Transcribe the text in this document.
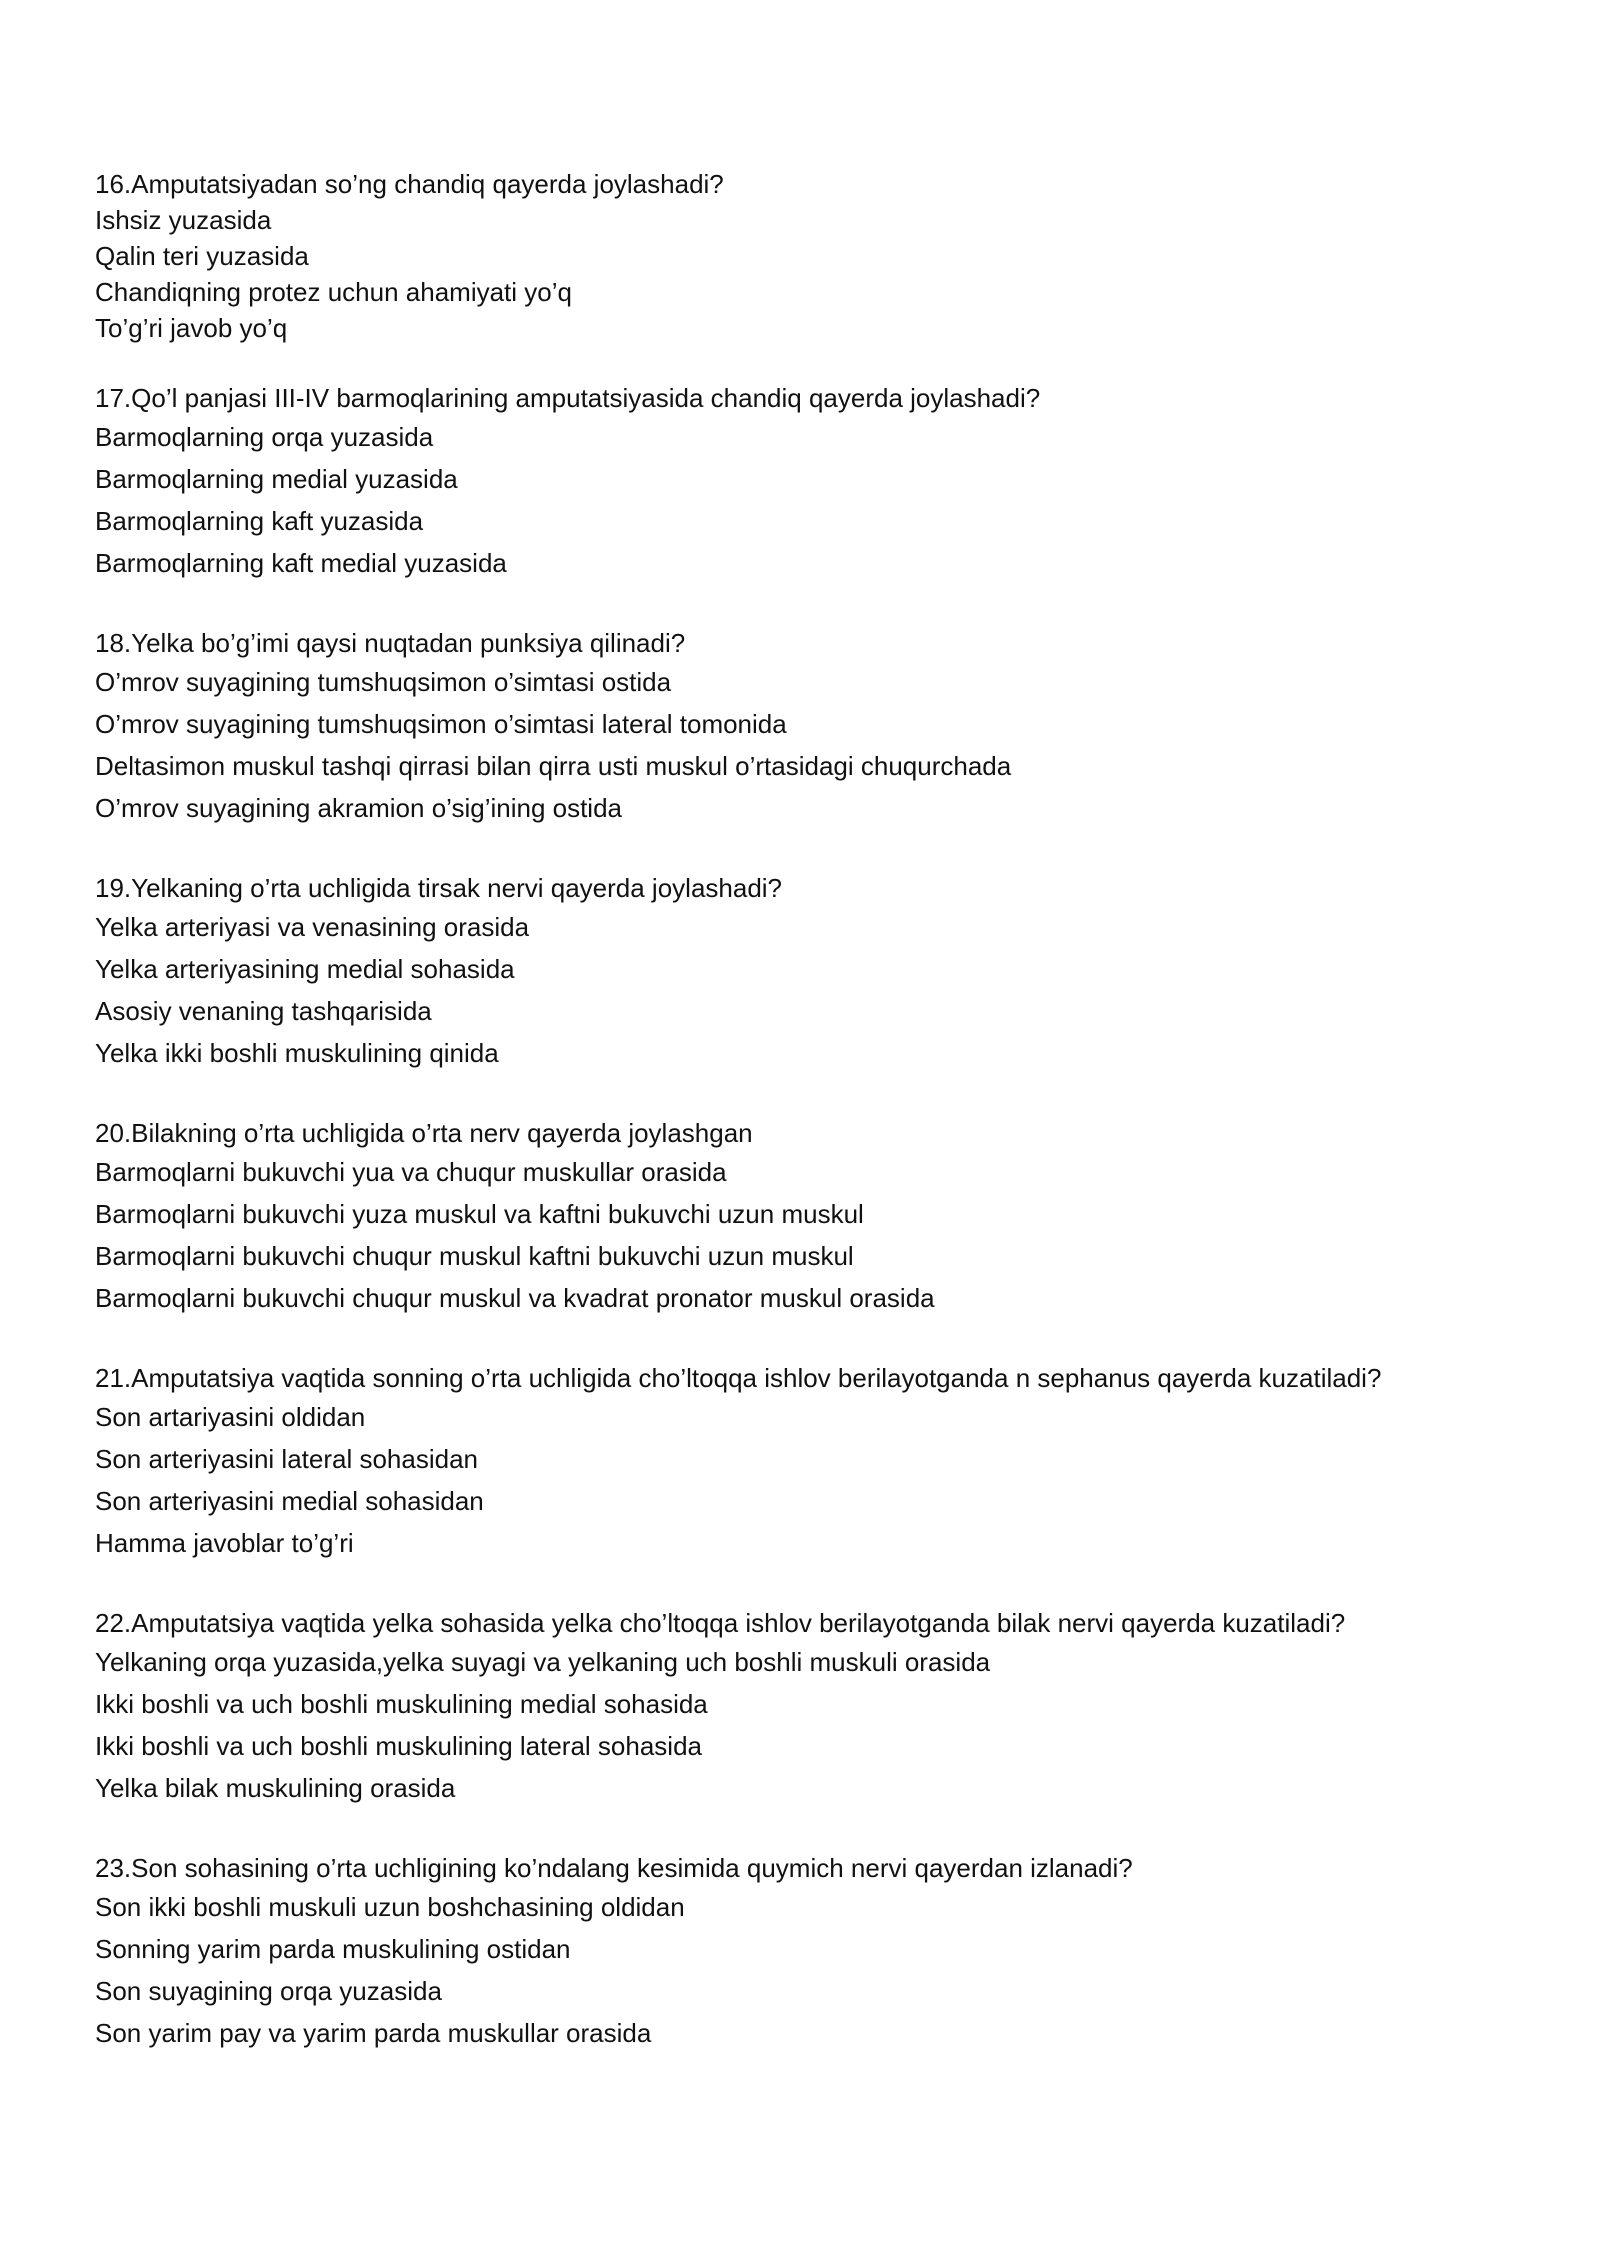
16.Amputatsiyadan so’ng chandiq qayerda joylashadi?
Ishsiz yuzasida
Qalin teri yuzasida
Chandiqning protez uchun ahamiyati yo’q
To’g’ri javob yo’q
17.Qo’l panjasi III-IV barmoqlarining amputatsiyasida chandiq qayerda joylashadi?
Barmoqlarning orqa yuzasida
Barmoqlarning medial yuzasida
Barmoqlarning kaft yuzasida
Barmoqlarning kaft medial yuzasida
18.Yelka bo’g’imi qaysi nuqtadan punksiya qilinadi?
O’mrov suyagining tumshuqsimon o’simtasi ostida
O’mrov suyagining tumshuqsimon o’simtasi lateral tomonida
Deltasimon muskul tashqi qirrasi bilan qirra usti muskul o’rtasidagi chuqurchada
O’mrov suyagining akramion o’sig’ining ostida
19.Yelkaning o’rta uchligida tirsak nervi qayerda joylashadi?
Yelka arteriyasi va venasining orasida
Yelka arteriyasining medial sohasida
Asosiy venaning tashqarisida
Yelka ikki boshli muskulining qinida
20.Bilakning o’rta uchligida o’rta nerv qayerda joylashgan
Barmoqlarni bukuvchi yua va chuqur muskullar orasida
Barmoqlarni bukuvchi yuza muskul va kaftni bukuvchi uzun muskul
Barmoqlarni bukuvchi chuqur muskul kaftni bukuvchi uzun muskul
Barmoqlarni bukuvchi chuqur muskul va kvadrat pronator muskul orasida
21.Amputatsiya vaqtida sonning o’rta uchligida cho’ltoqqa ishlov berilayotganda n sephanus qayerda kuzatiladi?
Son artariyasini oldidan
Son arteriyasini lateral sohasidan
Son arteriyasini medial sohasidan
Hamma javoblar to’g’ri
22.Amputatsiya vaqtida yelka sohasida yelka cho’ltoqqa ishlov berilayotganda bilak nervi qayerda kuzatiladi?
Yelkaning orqa yuzasida,yelka suyagi va yelkaning uch boshli muskuli orasida
Ikki boshli va uch boshli muskulining medial sohasida
Ikki boshli va uch boshli muskulining lateral sohasida
Yelka bilak muskulining orasida
23.Son sohasining o’rta uchligining ko’ndalang kesimida quymich nervi qayerdan izlanadi?
Son ikki boshli muskuli uzun boshchasining oldidan
Sonning yarim parda muskulining ostidan
Son suyagining orqa yuzasida
Son yarim pay va yarim parda muskullar orasida
